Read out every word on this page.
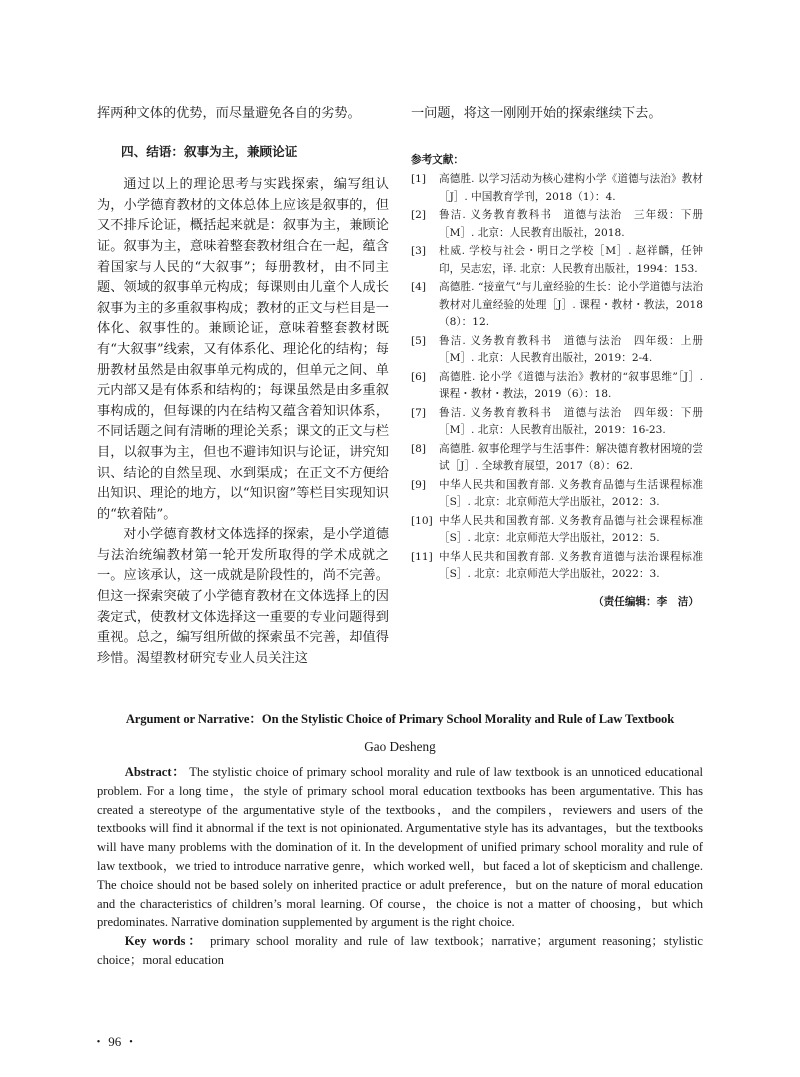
挥两种文体的优势，而尽量避免各自的劣势。

四、结语：叙事为主，兼顾论证

通过以上的理论思考与实践探索，编写组认为，小学德育教材的文体总体上应该是叙事的，但又不排斥论证，概括起来就是：叙事为主，兼顾论证。叙事为主，意味着整套教材组合在一起，蕴含着国家与人民的“大叙事”；每册教材，由不同主题、领域的叙事单元构成；每课则由儿童个人成长叙事为主的多重叙事构成；教材的正文与栏目是一体化、叙事性的。兼顾论证，意味着整套教材既有“大叙事”线索，又有体系化、理论化的结构；每册教材虽然是由叙事单元构成的，但单元之间、单元内部又是有体系和结构的；每课虽然是由多重叙事构成的，但每课的内在结构又蕴含着知识体系，不同话题之间有清晰的理论关系；课文的正文与栏目，以叙事为主，但也不避讳知识与论证，讲究知识、结论的自然呈现、水到渠成；在正文不方便给出知识、理论的地方，以“知识窗”等栏目实现知识的“软着陆”。

对小学德育教材文体选择的探索，是小学道德与法治统编教材第一轮开发所取得的学术成就之一。应该承认，这一成就是阶段性的，尚不完善。但这一探索突破了小学德育教材在文体选择上的因袭定式，使教材文体选择这一重要的专业问题得到重视。总之，编写组所做的探索虽不完善，却值得珍惜。渴望教材研究专业人员关注这

一问题，将这一刚刚开始的探索继续下去。

参考文献：
[1]	高德胜. 以学习活动为核心建构小学《道德与法治》教材［J］. 中国教育学刊，2018（1）：4.
[2]	鲁洁. 义务教育教科书　道德与法治　三年级：下册［M］. 北京：人民教育出版社，2018.
[3]	杜威. 学校与社会・明日之学校［M］. 赵祥麟，任钟印，吴志宏，译. 北京：人民教育出版社，1994：153.
[4]	高德胜. “接童气”与儿童经验的生长：论小学道德与法治教材对儿童经验的处理［J］. 课程・教材・教法，2018（8）：12.
[5]	鲁洁. 义务教育教科书　道德与法治　四年级：上册［M］. 北京：人民教育出版社，2019：2-4.
[6]	高德胜. 论小学《道德与法治》教材的“叙事思维”［J］. 课程・教材・教法，2019（6）：18.
[7]	鲁洁. 义务教育教科书　道德与法治　四年级：下册［M］. 北京：人民教育出版社，2019：16-23.
[8]	高德胜. 叙事伦理学与生活事件：解决德育教材困境的尝试［J］. 全球教育展望，2017（8）：62.
[9]	中华人民共和国教育部. 义务教育品德与生活课程标准［S］. 北京：北京师范大学出版社，2012：3.
[10] 中华人民共和国教育部. 义务教育品德与社会课程标准［S］. 北京：北京师范大学出版社，2012：5.
[11] 中华人民共和国教育部. 义务教育道德与法治课程标准［S］. 北京：北京师范大学出版社，2022：3.
（责任编辑：李　洁）

Argument or Narrative：On the Stylistic Choice of Primary School Morality and Rule of Law Textbook

Gao Desheng

Abstract： The stylistic choice of primary school morality and rule of law textbook is an unnoticed educational problem. For a long time，the style of primary school moral education textbooks has been argumentative. This has created a stereotype of the argumentative style of the textbooks，and the compilers，reviewers and users of the textbooks will find it abnormal if the text is not opinionated. Argumentative style has its advantages，but the textbooks will have many problems with the domination of it. In the development of unified primary school morality and rule of law textbook，we tried to introduce narrative genre，which worked well，but faced a lot of skepticism and challenge. The choice should not be based solely on inherited practice or adult preference，but on the nature of moral education and the characteristics of children’s moral learning. Of course，the choice is not a matter of choosing，but which predominates. Narrative domination supplemented by argument is the right choice.

Key words： primary school morality and rule of law textbook；narrative；argument reasoning；stylistic choice；moral education

・ 96 ・
